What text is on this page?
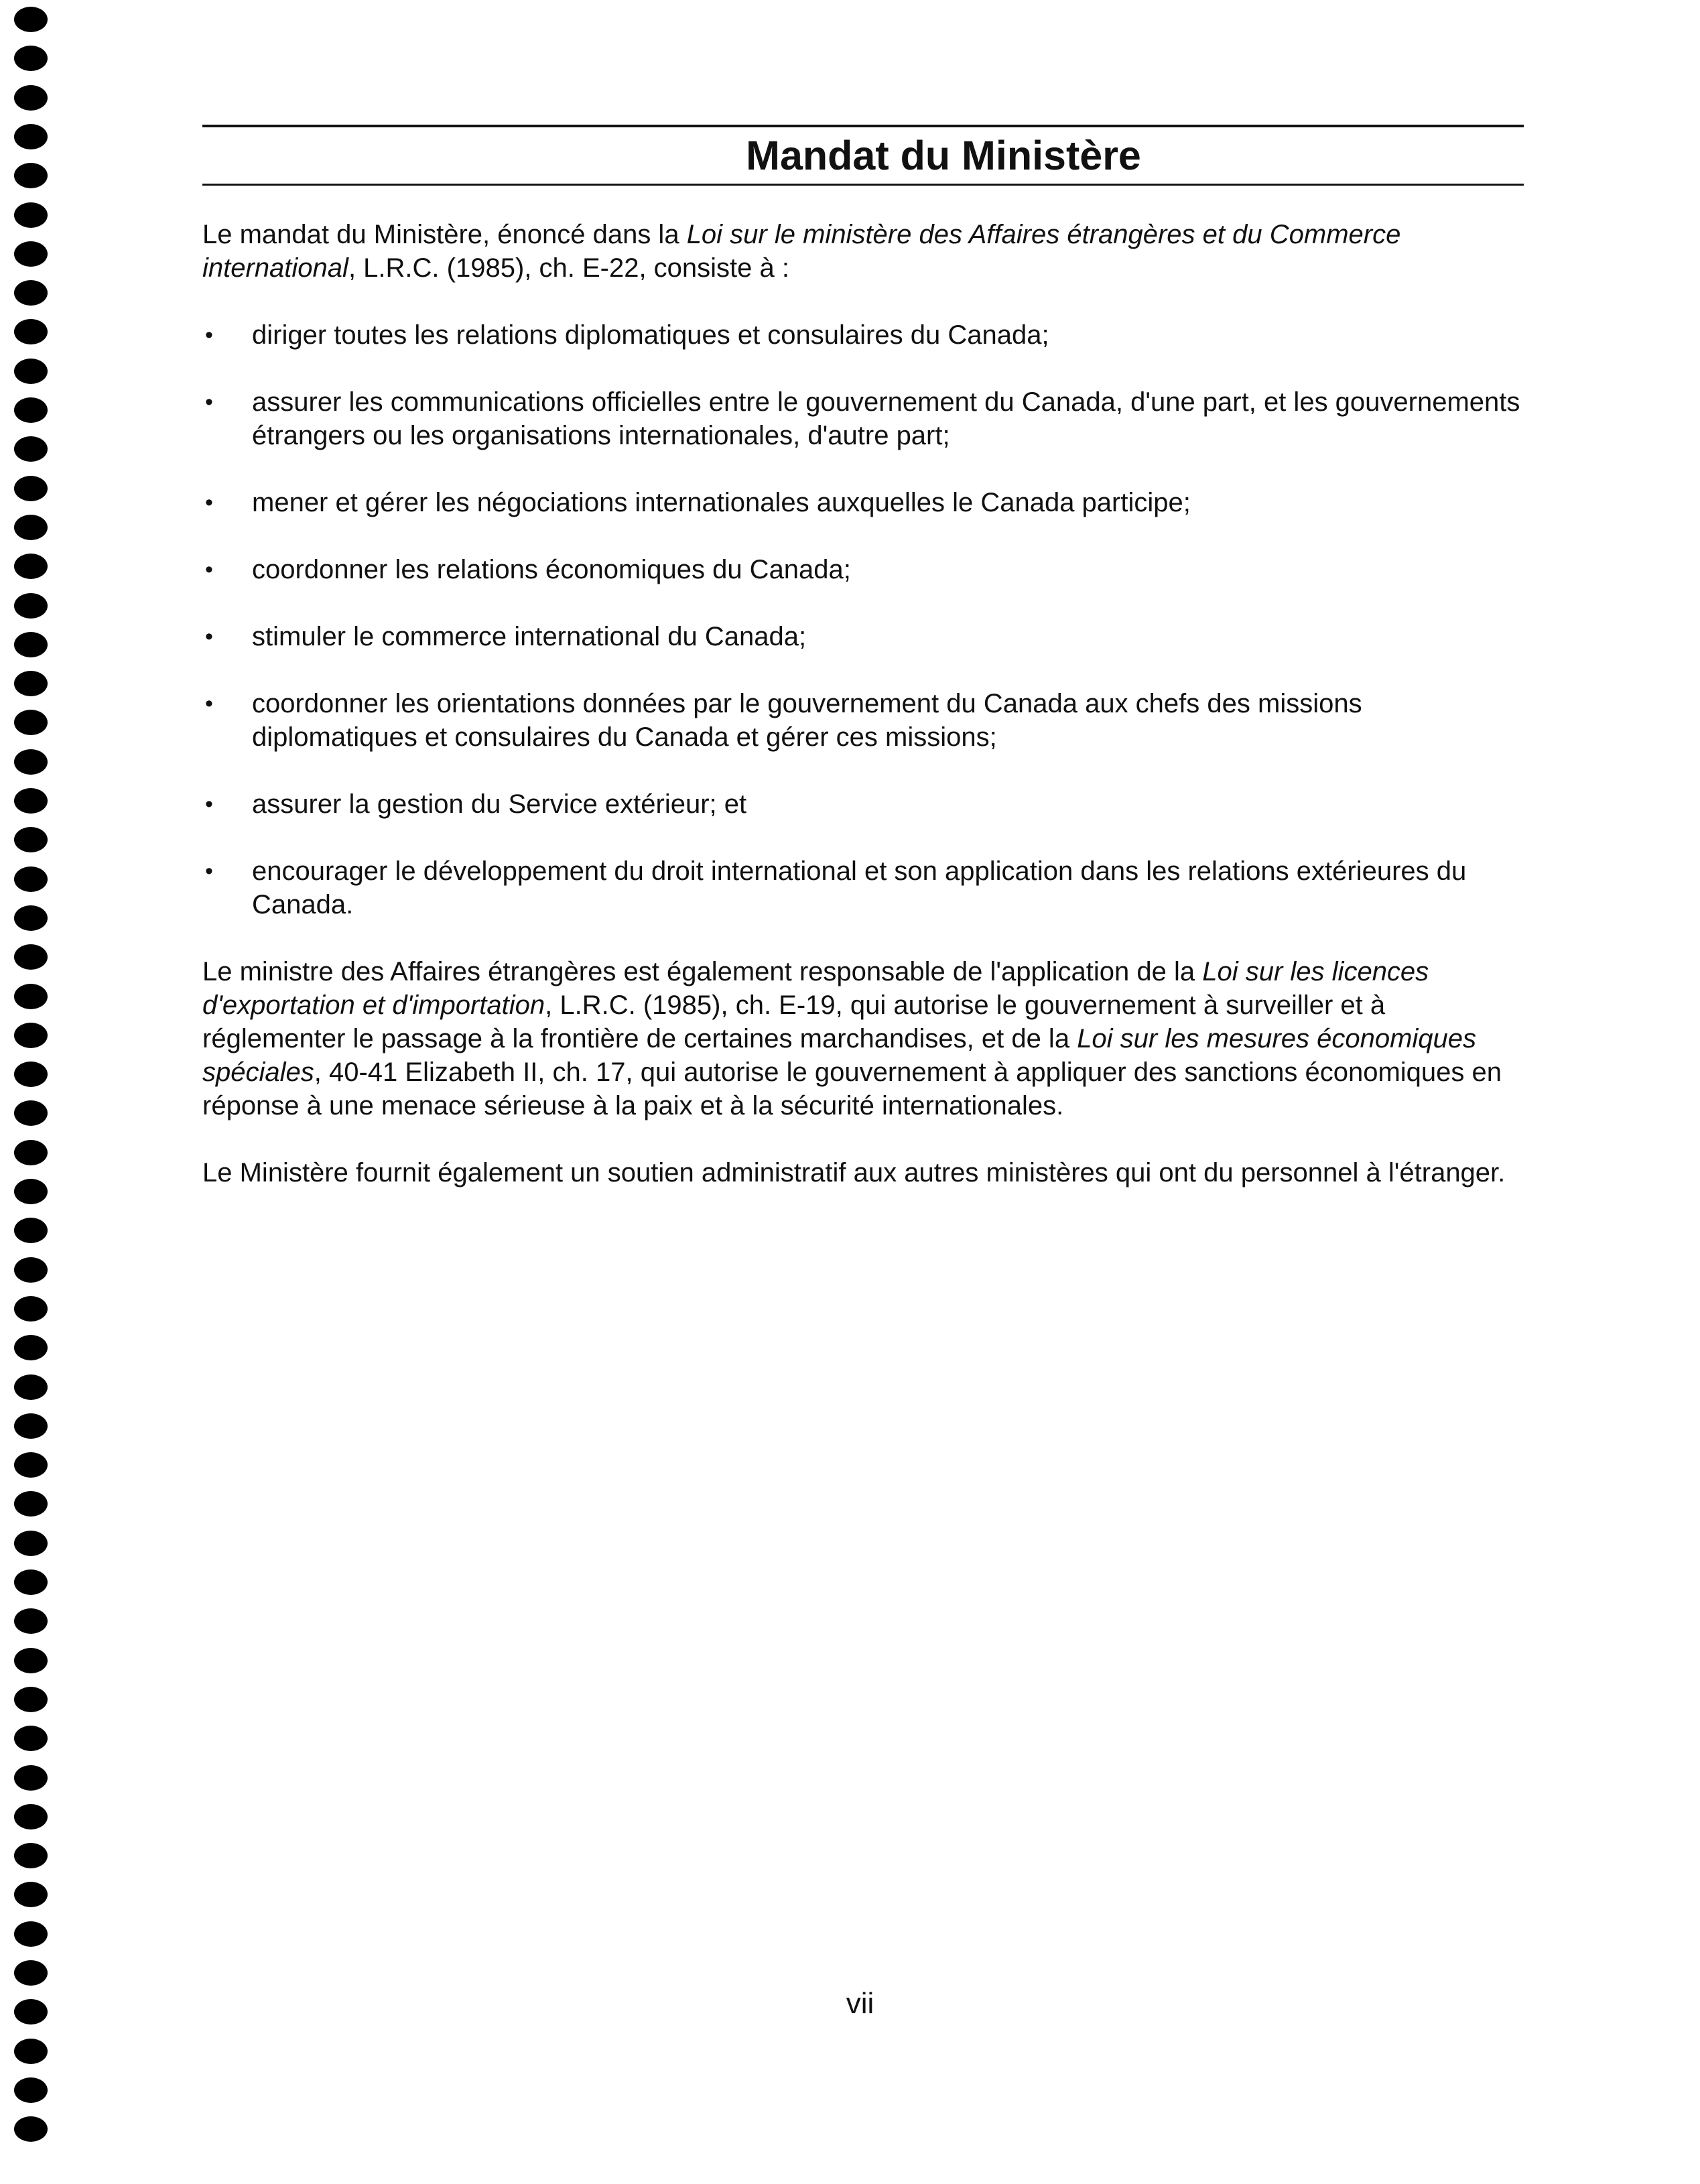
Mandat du Ministère

Le mandat du Ministère, énoncé dans la Loi sur le ministère des Affaires étrangères et du Commerce international, L.R.C. (1985), ch. E-22, consiste à :

• diriger toutes les relations diplomatiques et consulaires du Canada;
• assurer les communications officielles entre le gouvernement du Canada, d'une part, et les gouvernements étrangers ou les organisations internationales, d'autre part;
• mener et gérer les négociations internationales auxquelles le Canada participe;
• coordonner les relations économiques du Canada;
• stimuler le commerce international du Canada;
• coordonner les orientations données par le gouvernement du Canada aux chefs des missions diplomatiques et consulaires du Canada et gérer ces missions;
• assurer la gestion du Service extérieur; et
• encourager le développement du droit international et son application dans les relations extérieures du Canada.

Le ministre des Affaires étrangères est également responsable de l'application de la Loi sur les licences d'exportation et d'importation, L.R.C. (1985), ch. E-19, qui autorise le gouvernement à surveiller et à réglementer le passage à la frontière de certaines marchandises, et de la Loi sur les mesures économiques spéciales, 40-41 Elizabeth II, ch. 17, qui autorise le gouvernement à appliquer des sanctions économiques en réponse à une menace sérieuse à la paix et à la sécurité internationales.

Le Ministère fournit également un soutien administratif aux autres ministères qui ont du personnel à l'étranger.

vii
